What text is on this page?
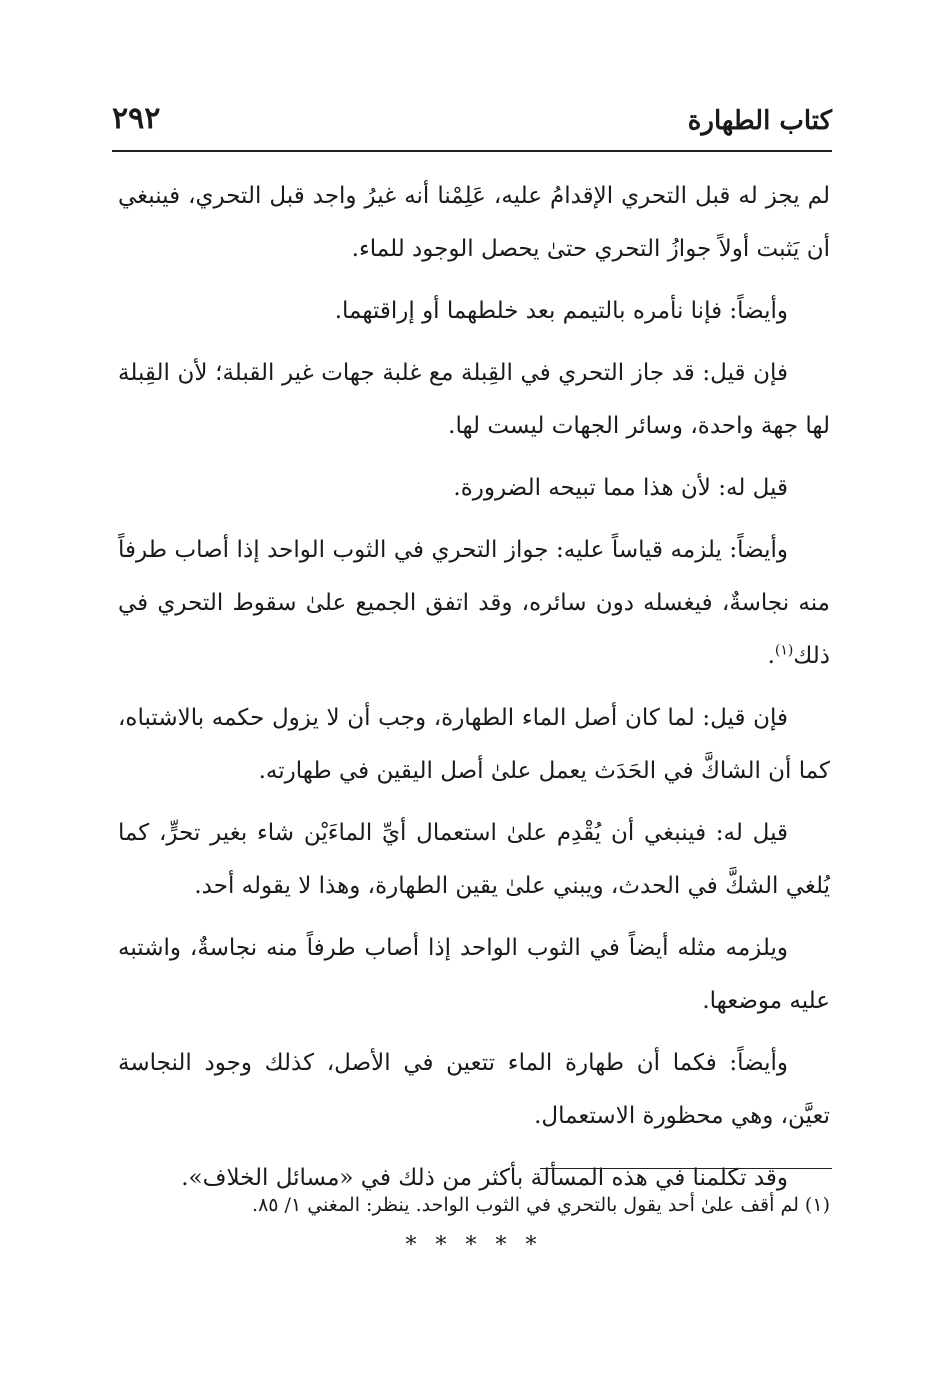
كتاب الطهارة
٢٩٢

لم يجز له قبل التحري الإقدامُ عليه، عَلِمْنا أنه غيرُ واجد قبل التحري، فينبغي أن يَثبت أولاً جوازُ التحري حتىٰ يحصل الوجود للماء.

وأيضاً: فإنا نأمره بالتيمم بعد خلطهما أو إراقتهما.

فإن قيل: قد جاز التحري في القِبلة مع غلبة جهات غير القبلة؛ لأن القِبلة لها جهة واحدة، وسائر الجهات ليست لها.

قيل له: لأن هذا مما تبيحه الضرورة.

وأيضاً: يلزمه قياساً عليه: جواز التحري في الثوب الواحد إذا أصاب طرفاً منه نجاسةٌ، فيغسله دون سائره، وقد اتفق الجميع علىٰ سقوط التحري في ذلك$^{(١)}$.

فإن قيل: لما كان أصل الماء الطهارة، وجب أن لا يزول حكمه بالاشتباه، كما أن الشاكَّ في الحَدَث يعمل علىٰ أصل اليقين في طهارته.

قيل له: فينبغي أن يُقْدِم علىٰ استعمال أيِّ الماءَيْن شاء بغير تحرٍّ، كما يُلغي الشكَّ في الحدث، ويبني علىٰ يقين الطهارة، وهذا لا يقوله أحد.

ويلزمه مثله أيضاً في الثوب الواحد إذا أصاب طرفاً منه نجاسةٌ، واشتبه عليه موضعها.

وأيضاً: فكما أن طهارة الماء تتعين في الأصل، كذلك وجود النجاسة تعيَّن، وهي محظورة الاستعمال.

وقد تكلمنا في هذه المسألة بأكثر من ذلك في «مسائل الخلاف».

* * * * *

(١) لم أقف علىٰ أحد يقول بالتحري في الثوب الواحد. ينظر: المغني ١/ ٨٥.
